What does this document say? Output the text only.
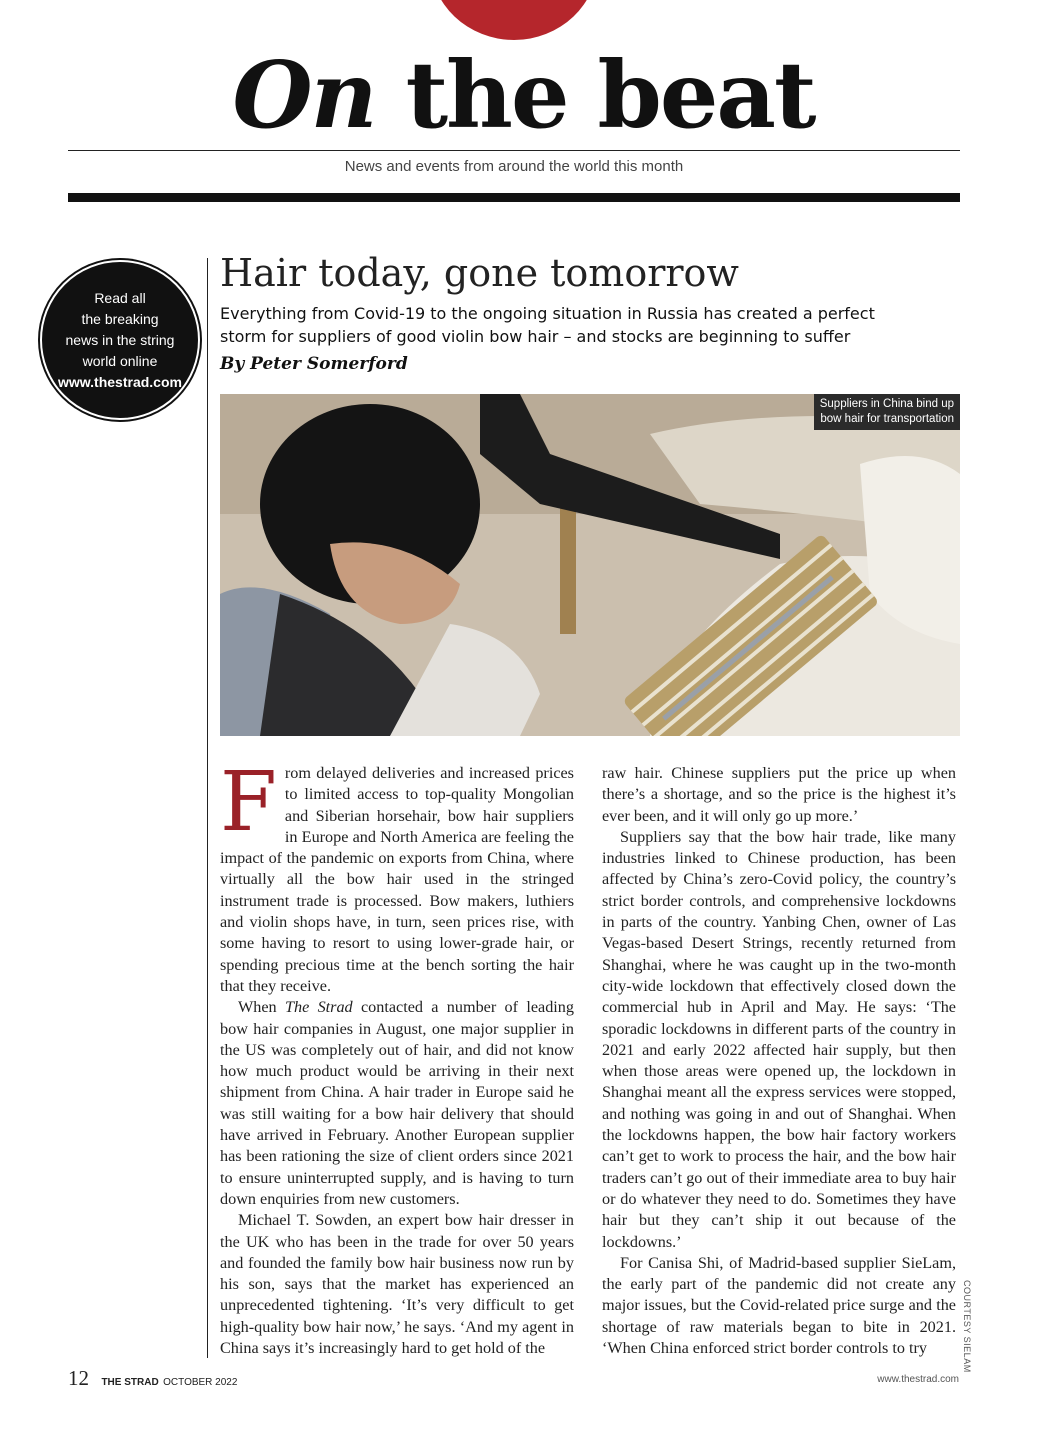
On the beat
News and events from around the world this month
Read all
the breaking
news in the string
world online
www.thestrad.com
Hair today, gone tomorrow
Everything from Covid-19 to the ongoing situation in Russia has created a perfect storm for suppliers of good violin bow hair – and stocks are beginning to suffer
By Peter Somerford
Suppliers in China bind up
bow hair for transportation

From delayed deliveries and increased prices to limited access to top-quality Mongolian and Siberian horsehair, bow hair suppliers in Europe and North America are feeling the impact of the pandemic on exports from China, where virtually all the bow hair used in the stringed instrument trade is processed. Bow makers, luthiers and violin shops have, in turn, seen prices rise, with some having to resort to using lower-grade hair, or spending precious time at the bench sorting the hair that they receive.

When The Strad contacted a number of leading bow hair companies in August, one major supplier in the US was completely out of hair, and did not know how much product would be arriving in their next shipment from China. A hair trader in Europe said he was still waiting for a bow hair delivery that should have arrived in February. Another European supplier has been rationing the size of client orders since 2021 to ensure uninterrupted supply, and is having to turn down enquiries from new customers.

Michael T. Sowden, an expert bow hair dresser in the UK who has been in the trade for over 50 years and founded the family bow hair business now run by his son, says that the market has experienced an unprecedented tightening. ‘It’s very difficult to get high-quality bow hair now,’ he says. ‘And my agent in China says it’s increasingly hard to get hold of the

raw hair. Chinese suppliers put the price up when there’s a shortage, and so the price is the highest it’s ever been, and it will only go up more.’

Suppliers say that the bow hair trade, like many industries linked to Chinese production, has been affected by China’s zero-Covid policy, the country’s strict border controls, and comprehensive lockdowns in parts of the country. Yanbing Chen, owner of Las Vegas-based Desert Strings, recently returned from Shanghai, where he was caught up in the two-month city-wide lockdown that effectively closed down the commercial hub in April and May. He says: ‘The sporadic lockdowns in different parts of the country in 2021 and early 2022 affected hair supply, but then when those areas were opened up, the lockdown in Shanghai meant all the express services were stopped, and nothing was going in and out of Shanghai. When the lockdowns happen, the bow hair factory workers can’t get to work to process the hair, and the bow hair traders can’t go out of their immediate area to buy hair or do whatever they need to do. Sometimes they have hair but they can’t ship it out because of the lockdowns.’

For Canisa Shi, of Madrid-based supplier SieLam, the early part of the pandemic did not create any major issues, but the Covid-related price surge and the shortage of raw materials began to bite in 2021. ‘When China enforced strict border controls to try	COURTESY SIELAM
12 THE STRAD OCTOBER 2022	www.thestrad.com
